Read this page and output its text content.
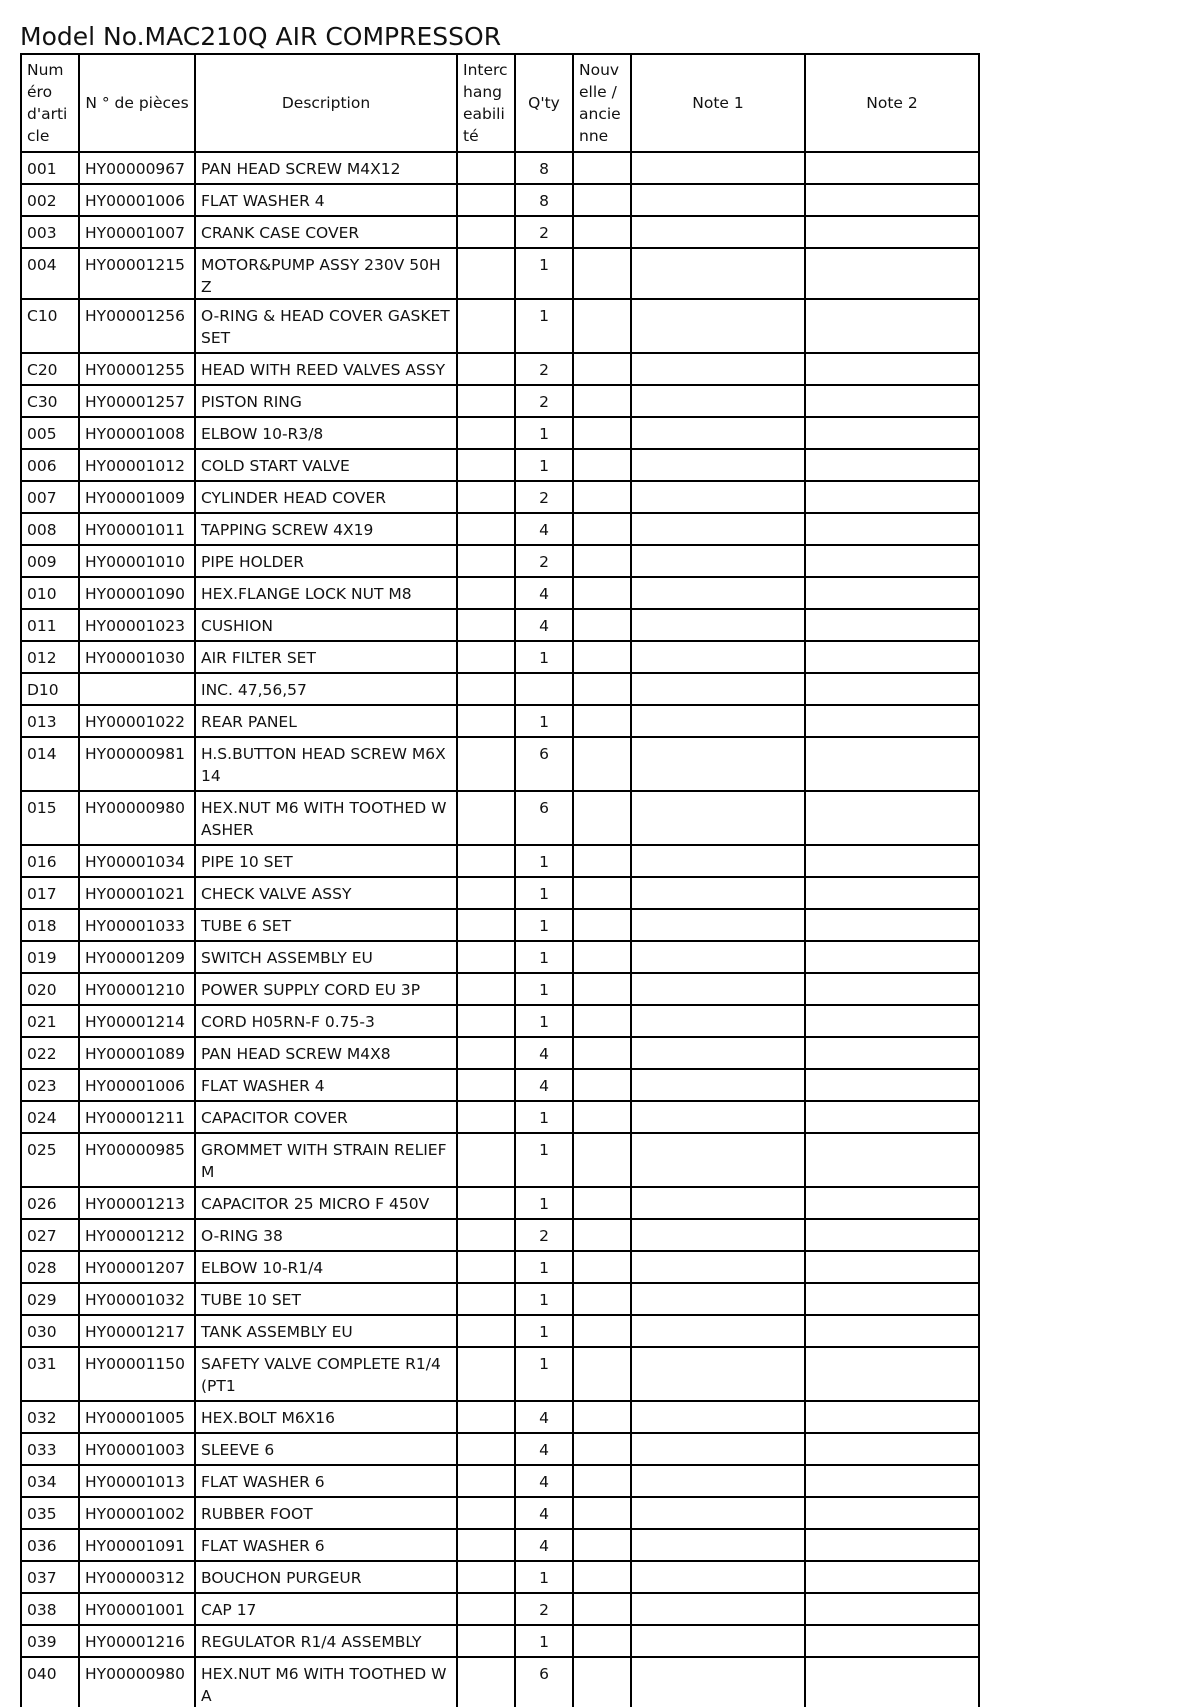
Model No.MAC210Q AIR COMPRESSOR
Numéro d'article	N ° de pièces	Description	Interchangeabilité	Q'ty	Nouvelle / ancienne	Note 1	Note 2
001	HY00000967	PAN HEAD SCREW M4X12		8			
002	HY00001006	FLAT WASHER 4		8			
003	HY00001007	CRANK CASE COVER		2			
004	HY00001215	MOTOR&PUMP ASSY 230V 50HZ		1			
C10	HY00001256	O-RING & HEAD COVER GASKET SET		1			
C20	HY00001255	HEAD WITH REED VALVES ASSY		2			
C30	HY00001257	PISTON RING		2			
005	HY00001008	ELBOW 10-R3/8		1			
006	HY00001012	COLD START VALVE		1			
007	HY00001009	CYLINDER HEAD COVER		2			
008	HY00001011	TAPPING SCREW 4X19		4			
009	HY00001010	PIPE HOLDER		2			
010	HY00001090	HEX.FLANGE LOCK NUT M8		4			
011	HY00001023	CUSHION		4			
012	HY00001030	AIR FILTER SET		1			
D10		INC. 47,56,57					
013	HY00001022	REAR PANEL		1			
014	HY00000981	H.S.BUTTON HEAD SCREW M6X14		6			
015	HY00000980	HEX.NUT M6 WITH TOOTHED WASHER		6			
016	HY00001034	PIPE 10 SET		1			
017	HY00001021	CHECK VALVE ASSY		1			
018	HY00001033	TUBE 6 SET		1			
019	HY00001209	SWITCH ASSEMBLY EU		1			
020	HY00001210	POWER SUPPLY CORD EU 3P		1			
021	HY00001214	CORD H05RN-F 0.75-3		1			
022	HY00001089	PAN HEAD SCREW M4X8		4			
023	HY00001006	FLAT WASHER 4		4			
024	HY00001211	CAPACITOR COVER		1			
025	HY00000985	GROMMET WITH STRAIN RELIEF M		1			
026	HY00001213	CAPACITOR 25 MICRO F 450V		1			
027	HY00001212	O-RING 38		2			
028	HY00001207	ELBOW 10-R1/4		1			
029	HY00001032	TUBE 10 SET		1			
030	HY00001217	TANK ASSEMBLY EU		1			
031	HY00001150	SAFETY VALVE COMPLETE R1/4(PT1		1			
032	HY00001005	HEX.BOLT M6X16		4			
033	HY00001003	SLEEVE 6		4			
034	HY00001013	FLAT WASHER 6		4			
035	HY00001002	RUBBER FOOT		4			
036	HY00001091	FLAT WASHER 6		4			
037	HY00000312	BOUCHON PURGEUR		1			
038	HY00001001	CAP 17		2			
039	HY00001216	REGULATOR R1/4 ASSEMBLY		1			
040	HY00000980	HEX.NUT M6 WITH TOOTHED WA		6			
